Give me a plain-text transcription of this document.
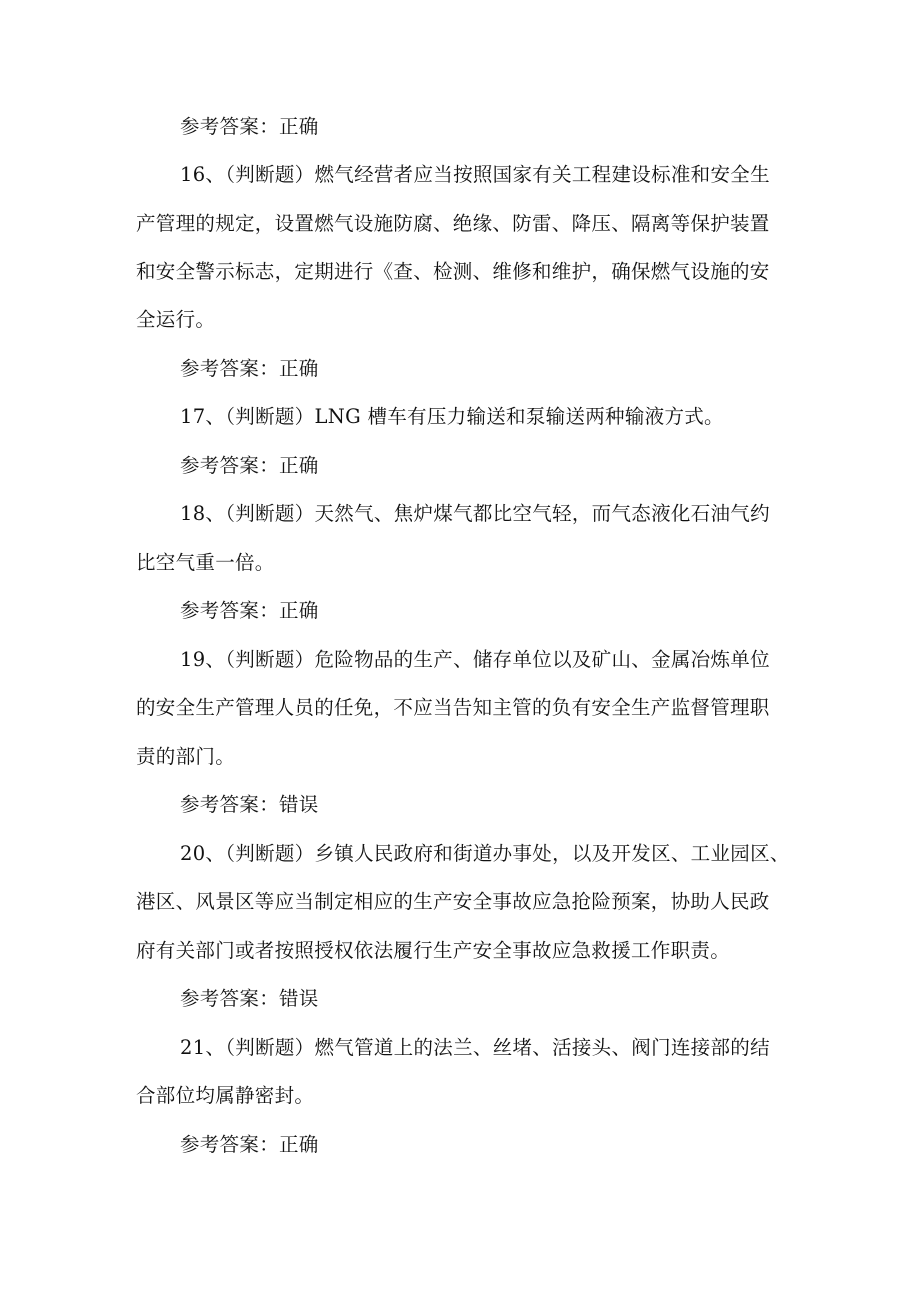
参考答案：正确
16、（判断题）燃气经营者应当按照国家有关工程建设标准和安全生
产管理的规定，设置燃气设施防腐、绝缘、防雷、降压、隔离等保护装置
和安全警示标志，定期进行《查、检测、维修和维护，确保燃气设施的安
全运行。
参考答案：正确
17、（判断题）LNG 槽车有压力输送和泵输送两种输液方式。
参考答案：正确
18、（判断题）天然气、焦炉煤气都比空气轻，而气态液化石油气约
比空气重一倍。
参考答案：正确
19、（判断题）危险物品的生产、储存单位以及矿山、金属冶炼单位
的安全生产管理人员的任免，不应当告知主管的负有安全生产监督管理职
责的部门。
参考答案：错误
20、（判断题）乡镇人民政府和街道办事处，以及开发区、工业园区、
港区、风景区等应当制定相应的生产安全事故应急抢险预案，协助人民政
府有关部门或者按照授权依法履行生产安全事故应急救援工作职责。
参考答案：错误
21、（判断题）燃气管道上的法兰、丝堵、活接头、阀门连接部的结
合部位均属静密封。
参考答案：正确
